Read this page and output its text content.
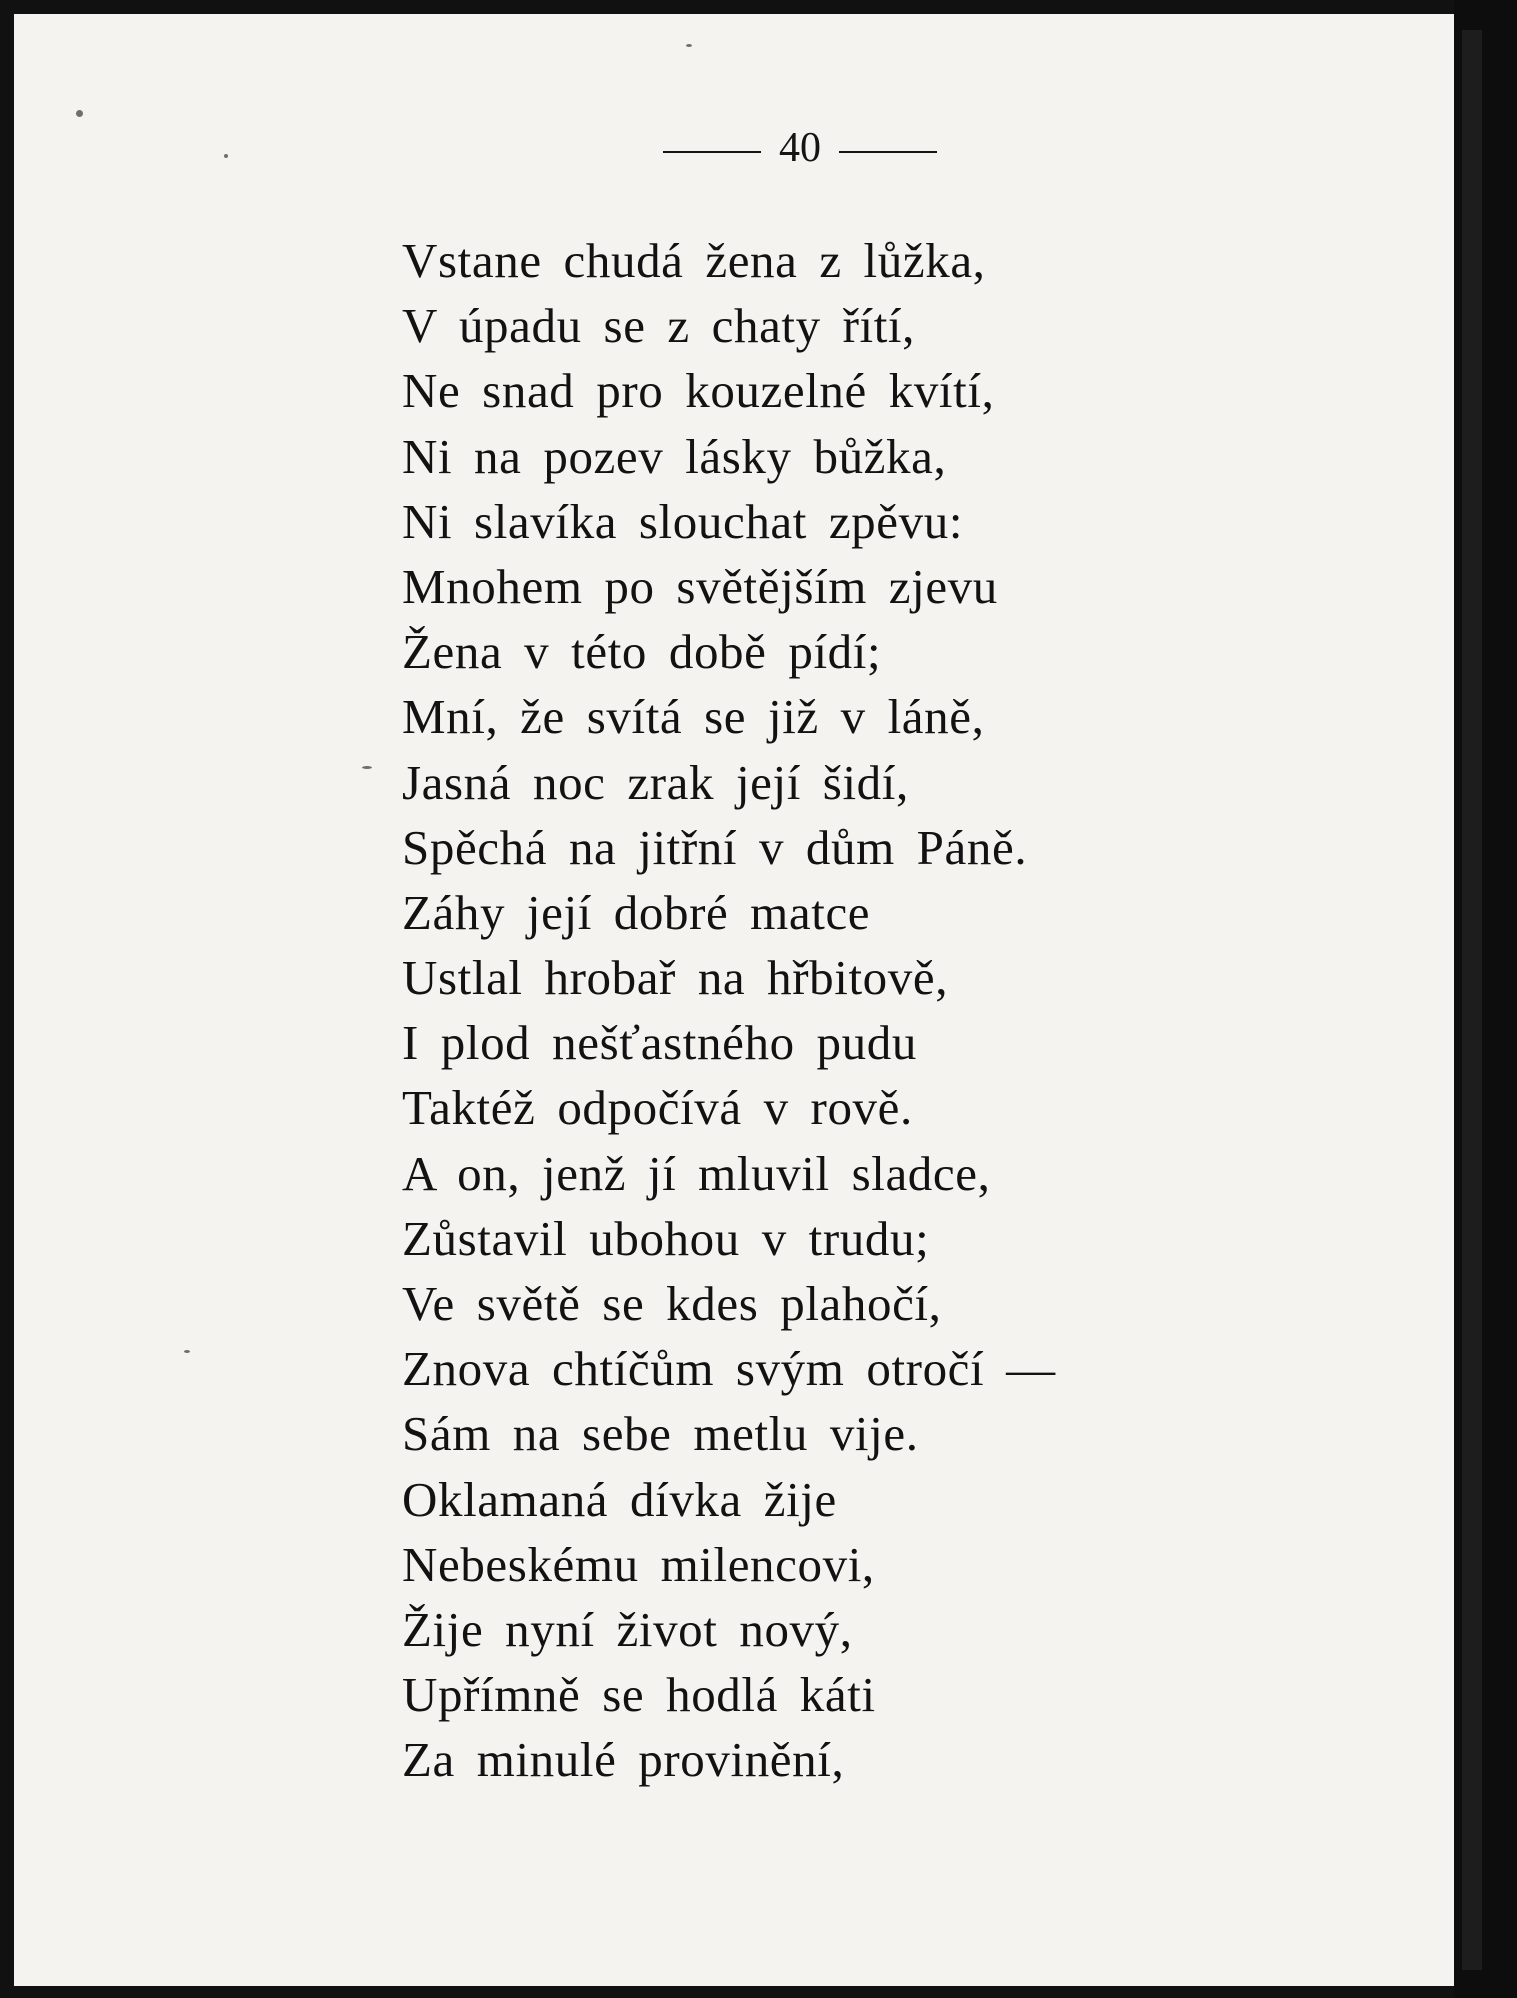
40
Vstane chudá žena z lůžka,
V úpadu se z chaty řítí,
Ne snad pro kouzelné kvítí,
Ni na pozev lásky bůžka,
Ni slavíka slouchat zpěvu:
Mnohem po světějším zjevu
Žena v této době pídí;
Mní, že svítá se již v láně,
Jasná noc zrak její šidí,
Spěchá na jitřní v dům Páně.
Záhy její dobré matce
Ustlal hrobař na hřbitově,
I plod nešťastného pudu
Taktéž odpočívá v rově.
A on, jenž jí mluvil sladce,
Zůstavil ubohou v trudu;
Ve světě se kdes plahočí,
Znova chtíčům svým otročí —
Sám na sebe metlu vije.
Oklamaná dívka žije
Nebeskému milencovi,
Žije nyní život nový,
Upřímně se hodlá káti
Za minulé provinění,
